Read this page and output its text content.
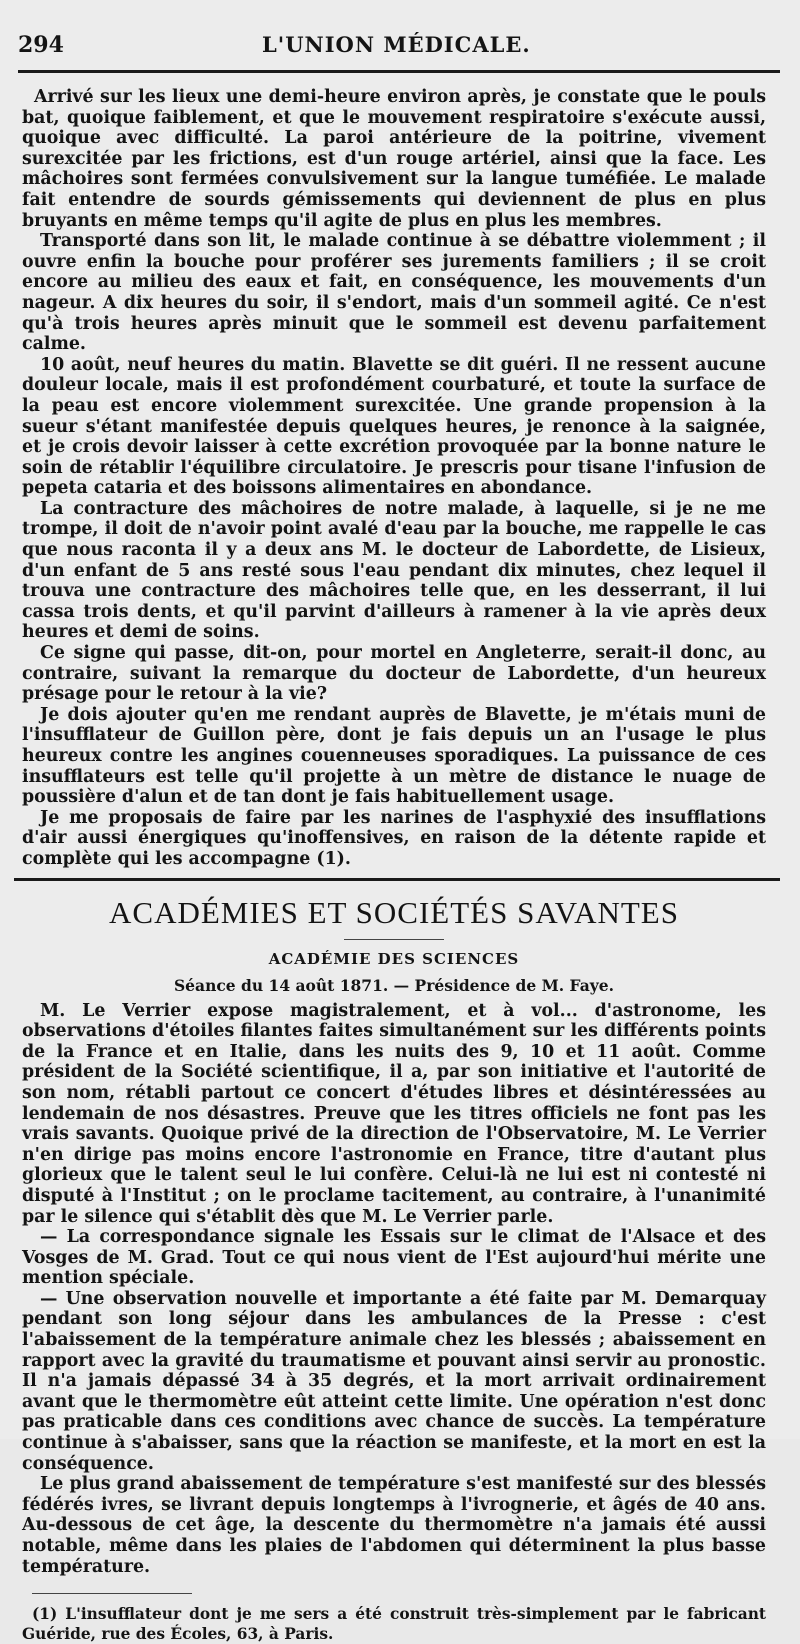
294	L'UNION MÉDICALE.

Arrivé sur les lieux une demi-heure environ après, je constate que le pouls bat, quoique faiblement, et que le mouvement respiratoire s'exécute aussi, quoique avec difficulté. La paroi antérieure de la poitrine, vivement surexcitée par les frictions, est d'un rouge artériel, ainsi que la face. Les mâchoires sont fermées convulsivement sur la langue tuméfiée. Le malade fait entendre de sourds gémissements qui deviennent de plus en plus bruyants en même temps qu'il agite de plus en plus les membres.

Transporté dans son lit, le malade continue à se débattre violemment ; il ouvre enfin la bouche pour proférer ses jurements familiers ; il se croit encore au milieu des eaux et fait, en conséquence, les mouvements d'un nageur. A dix heures du soir, il s'endort, mais d'un sommeil agité. Ce n'est qu'à trois heures après minuit que le sommeil est devenu parfaitement calme.

10 août, neuf heures du matin. Blavette se dit guéri. Il ne ressent aucune douleur locale, mais il est profondément courbaturé, et toute la surface de la peau est encore violemment surexcitée. Une grande propension à la sueur s'étant manifestée depuis quelques heures, je renonce à la saignée, et je crois devoir laisser à cette excrétion provoquée par la bonne nature le soin de rétablir l'équilibre circulatoire. Je prescris pour tisane l'infusion de pepeta cataria et des boissons alimentaires en abondance.

La contracture des mâchoires de notre malade, à laquelle, si je ne me trompe, il doit de n'avoir point avalé d'eau par la bouche, me rappelle le cas que nous raconta il y a deux ans M. le docteur de Labordette, de Lisieux, d'un enfant de 5 ans resté sous l'eau pendant dix minutes, chez lequel il trouva une contracture des mâchoires telle que, en les desserrant, il lui cassa trois dents, et qu'il parvint d'ailleurs à ramener à la vie après deux heures et demi de soins.

Ce signe qui passe, dit-on, pour mortel en Angleterre, serait-il donc, au contraire, suivant la remarque du docteur de Labordette, d'un heureux présage pour le retour à la vie?

Je dois ajouter qu'en me rendant auprès de Blavette, je m'étais muni de l'insufflateur de Guillon père, dont je fais depuis un an l'usage le plus heureux contre les angines couenneuses sporadiques. La puissance de ces insufflateurs est telle qu'il projette à un mètre de distance le nuage de poussière d'alun et de tan dont je fais habituellement usage.

Je me proposais de faire par les narines de l'asphyxié des insufflations d'air aussi énergiques qu'inoffensives, en raison de la détente rapide et complète qui les accompagne (1).

ACADÉMIES ET SOCIÉTÉS SAVANTES
ACADÉMIE DES SCIENCES
Séance du 14 août 1871. — Présidence de M. Faye.

M. Le Verrier expose magistralement, et à vol... d'astronome, les observations d'étoiles filantes faites simultanément sur les différents points de la France et en Italie, dans les nuits des 9, 10 et 11 août. Comme président de la Société scientifique, il a, par son initiative et l'autorité de son nom, rétabli partout ce concert d'études libres et désintéressées au lendemain de nos désastres. Preuve que les titres officiels ne font pas les vrais savants. Quoique privé de la direction de l'Observatoire, M. Le Verrier n'en dirige pas moins encore l'astronomie en France, titre d'autant plus glorieux que le talent seul le lui confère. Celui-là ne lui est ni contesté ni disputé à l'Institut ; on le proclame tacitement, au contraire, à l'unanimité par le silence qui s'établit dès que M. Le Verrier parle.

— La correspondance signale les Essais sur le climat de l'Alsace et des Vosges de M. Grad. Tout ce qui nous vient de l'Est aujourd'hui mérite une mention spéciale.

— Une observation nouvelle et importante a été faite par M. Demarquay pendant son long séjour dans les ambulances de la Presse : c'est l'abaissement de la température animale chez les blessés ; abaissement en rapport avec la gravité du traumatisme et pouvant ainsi servir au pronostic. Il n'a jamais dépassé 34 à 35 degrés, et la mort arrivait ordinairement avant que le thermomètre eût atteint cette limite. Une opération n'est donc pas praticable dans ces conditions avec chance de succès. La température continue à s'abaisser, sans que la réaction se manifeste, et la mort en est la conséquence.

Le plus grand abaissement de température s'est manifesté sur des blessés fédérés ivres, se livrant depuis longtemps à l'ivrognerie, et âgés de 40 ans. Au-dessous de cet âge, la descente du thermomètre n'a jamais été aussi notable, même dans les plaies de l'abdomen qui déterminent la plus basse température.

(1) L'insufflateur dont je me sers a été construit très-simplement par le fabricant Guéride, rue des Écoles, 63, à Paris.
